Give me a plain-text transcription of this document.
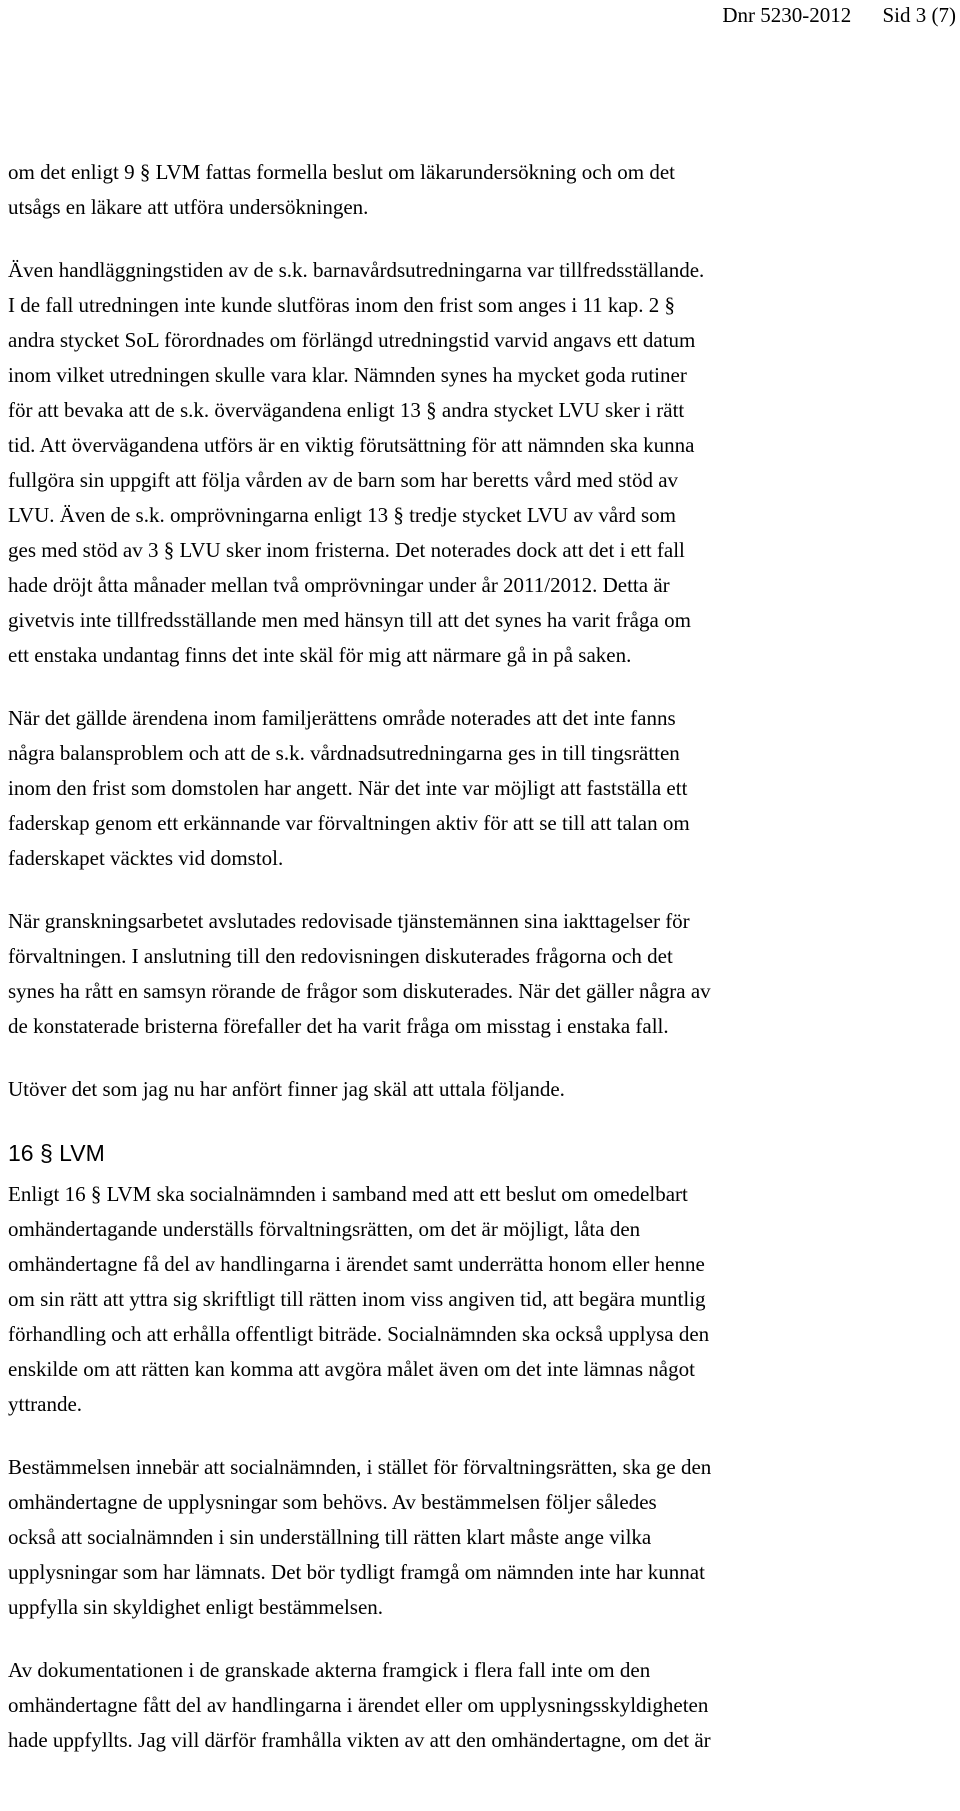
Dnr 5230-2012 Sid 3 (7)

om det enligt 9 § LVM fattas formella beslut om läkarundersökning och om det
utsågs en läkare att utföra undersökningen.

Även handläggningstiden av de s.k. barnavårdsutredningarna var tillfredsställande.
I de fall utredningen inte kunde slutföras inom den frist som anges i 11 kap. 2 §
andra stycket SoL förordnades om förlängd utredningstid varvid angavs ett datum
inom vilket utredningen skulle vara klar. Nämnden synes ha mycket goda rutiner
för att bevaka att de s.k. övervägandena enligt 13 § andra stycket LVU sker i rätt
tid. Att övervägandena utförs är en viktig förutsättning för att nämnden ska kunna
fullgöra sin uppgift att följa vården av de barn som har beretts vård med stöd av
LVU. Även de s.k. omprövningarna enligt 13 § tredje stycket LVU av vård som
ges med stöd av 3 § LVU sker inom fristerna. Det noterades dock att det i ett fall
hade dröjt åtta månader mellan två omprövningar under år 2011/2012. Detta är
givetvis inte tillfredsställande men med hänsyn till att det synes ha varit fråga om
ett enstaka undantag finns det inte skäl för mig att närmare gå in på saken.

När det gällde ärendena inom familjerättens område noterades att det inte fanns
några balansproblem och att de s.k. vårdnadsutredningarna ges in till tingsrätten
inom den frist som domstolen har angett. När det inte var möjligt att fastställa ett
faderskap genom ett erkännande var förvaltningen aktiv för att se till att talan om
faderskapet väcktes vid domstol.

När granskningsarbetet avslutades redovisade tjänstemännen sina iakttagelser för
förvaltningen. I anslutning till den redovisningen diskuterades frågorna och det
synes ha rått en samsyn rörande de frågor som diskuterades. När det gäller några av
de konstaterade bristerna förefaller det ha varit fråga om misstag i enstaka fall.

Utöver det som jag nu har anfört finner jag skäl att uttala följande.

16 § LVM

Enligt 16 § LVM ska socialnämnden i samband med att ett beslut om omedelbart
omhändertagande underställs förvaltningsrätten, om det är möjligt, låta den
omhändertagne få del av handlingarna i ärendet samt underrätta honom eller henne
om sin rätt att yttra sig skriftligt till rätten inom viss angiven tid, att begära muntlig
förhandling och att erhålla offentligt biträde. Socialnämnden ska också upplysa den
enskilde om att rätten kan komma att avgöra målet även om det inte lämnas något
yttrande.

Bestämmelsen innebär att socialnämnden, i stället för förvaltningsrätten, ska ge den
omhändertagne de upplysningar som behövs. Av bestämmelsen följer således
också att socialnämnden i sin underställning till rätten klart måste ange vilka
upplysningar som har lämnats. Det bör tydligt framgå om nämnden inte har kunnat
uppfylla sin skyldighet enligt bestämmelsen.

Av dokumentationen i de granskade akterna framgick i flera fall inte om den
omhändertagne fått del av handlingarna i ärendet eller om upplysningsskyldigheten
hade uppfyllts. Jag vill därför framhålla vikten av att den omhändertagne, om det är
